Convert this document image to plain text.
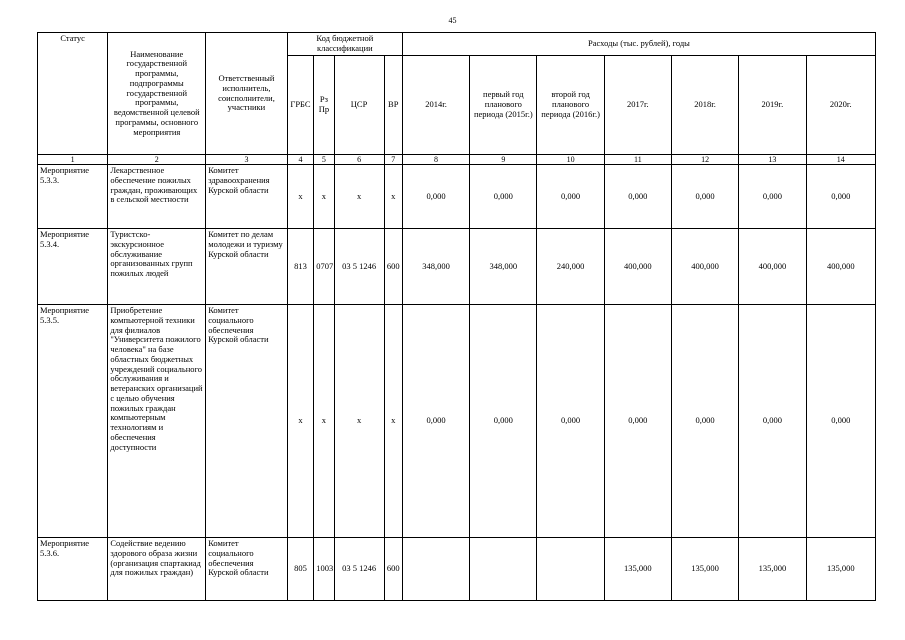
45
Статус	Наименование государственной программы, подпрограммы государственной программы, ведомственной целевой программы, основного мероприятия	Ответственный исполнитель, соисполнители, участники	Код бюджетной классификации				Расходы (тыс. рублей), годы						
			ГРБС	Рз Пр	ЦСР	ВР	2014г.	первый год планового периода (2015г.)	второй год планового периода (2016г.)	2017г.	2018г.	2019г.	2020г.
1	2	3	4	5	6	7	8	9	10	11	12	13	14
Мероприятие 5.3.3.	Лекарственное обеспечение пожилых граждан, проживающих в сельской местности	Комитет здравоохранения Курской области	x	x	x	x	0,000	0,000	0,000	0,000	0,000	0,000	0,000
Мероприятие 5.3.4.	Туристско-экскурсионное обслуживание организованных групп пожилых людей	Комитет по делам молодежи и туризму Курской области	813	0707	03 5 1246	600	348,000	348,000	240,000	400,000	400,000	400,000	400,000
Мероприятие 5.3.5.	Приобретение компьютерной техники для филиалов "Университета пожилого человека" на базе областных бюджетных учреждений социального обслуживания и ветеранских организаций с целью обучения пожилых граждан компьютерным технологиям и обеспечения доступности	Комитет социального обеспечения Курской области	x	x	x	x	0,000	0,000	0,000	0,000	0,000	0,000	0,000
Мероприятие 5.3.6.	Содействие ведению здорового образа жизни (организация спартакиад для пожилых граждан)	Комитет социального обеспечения Курской области	805	1003	03 5 1246	600				135,000	135,000	135,000	135,000
